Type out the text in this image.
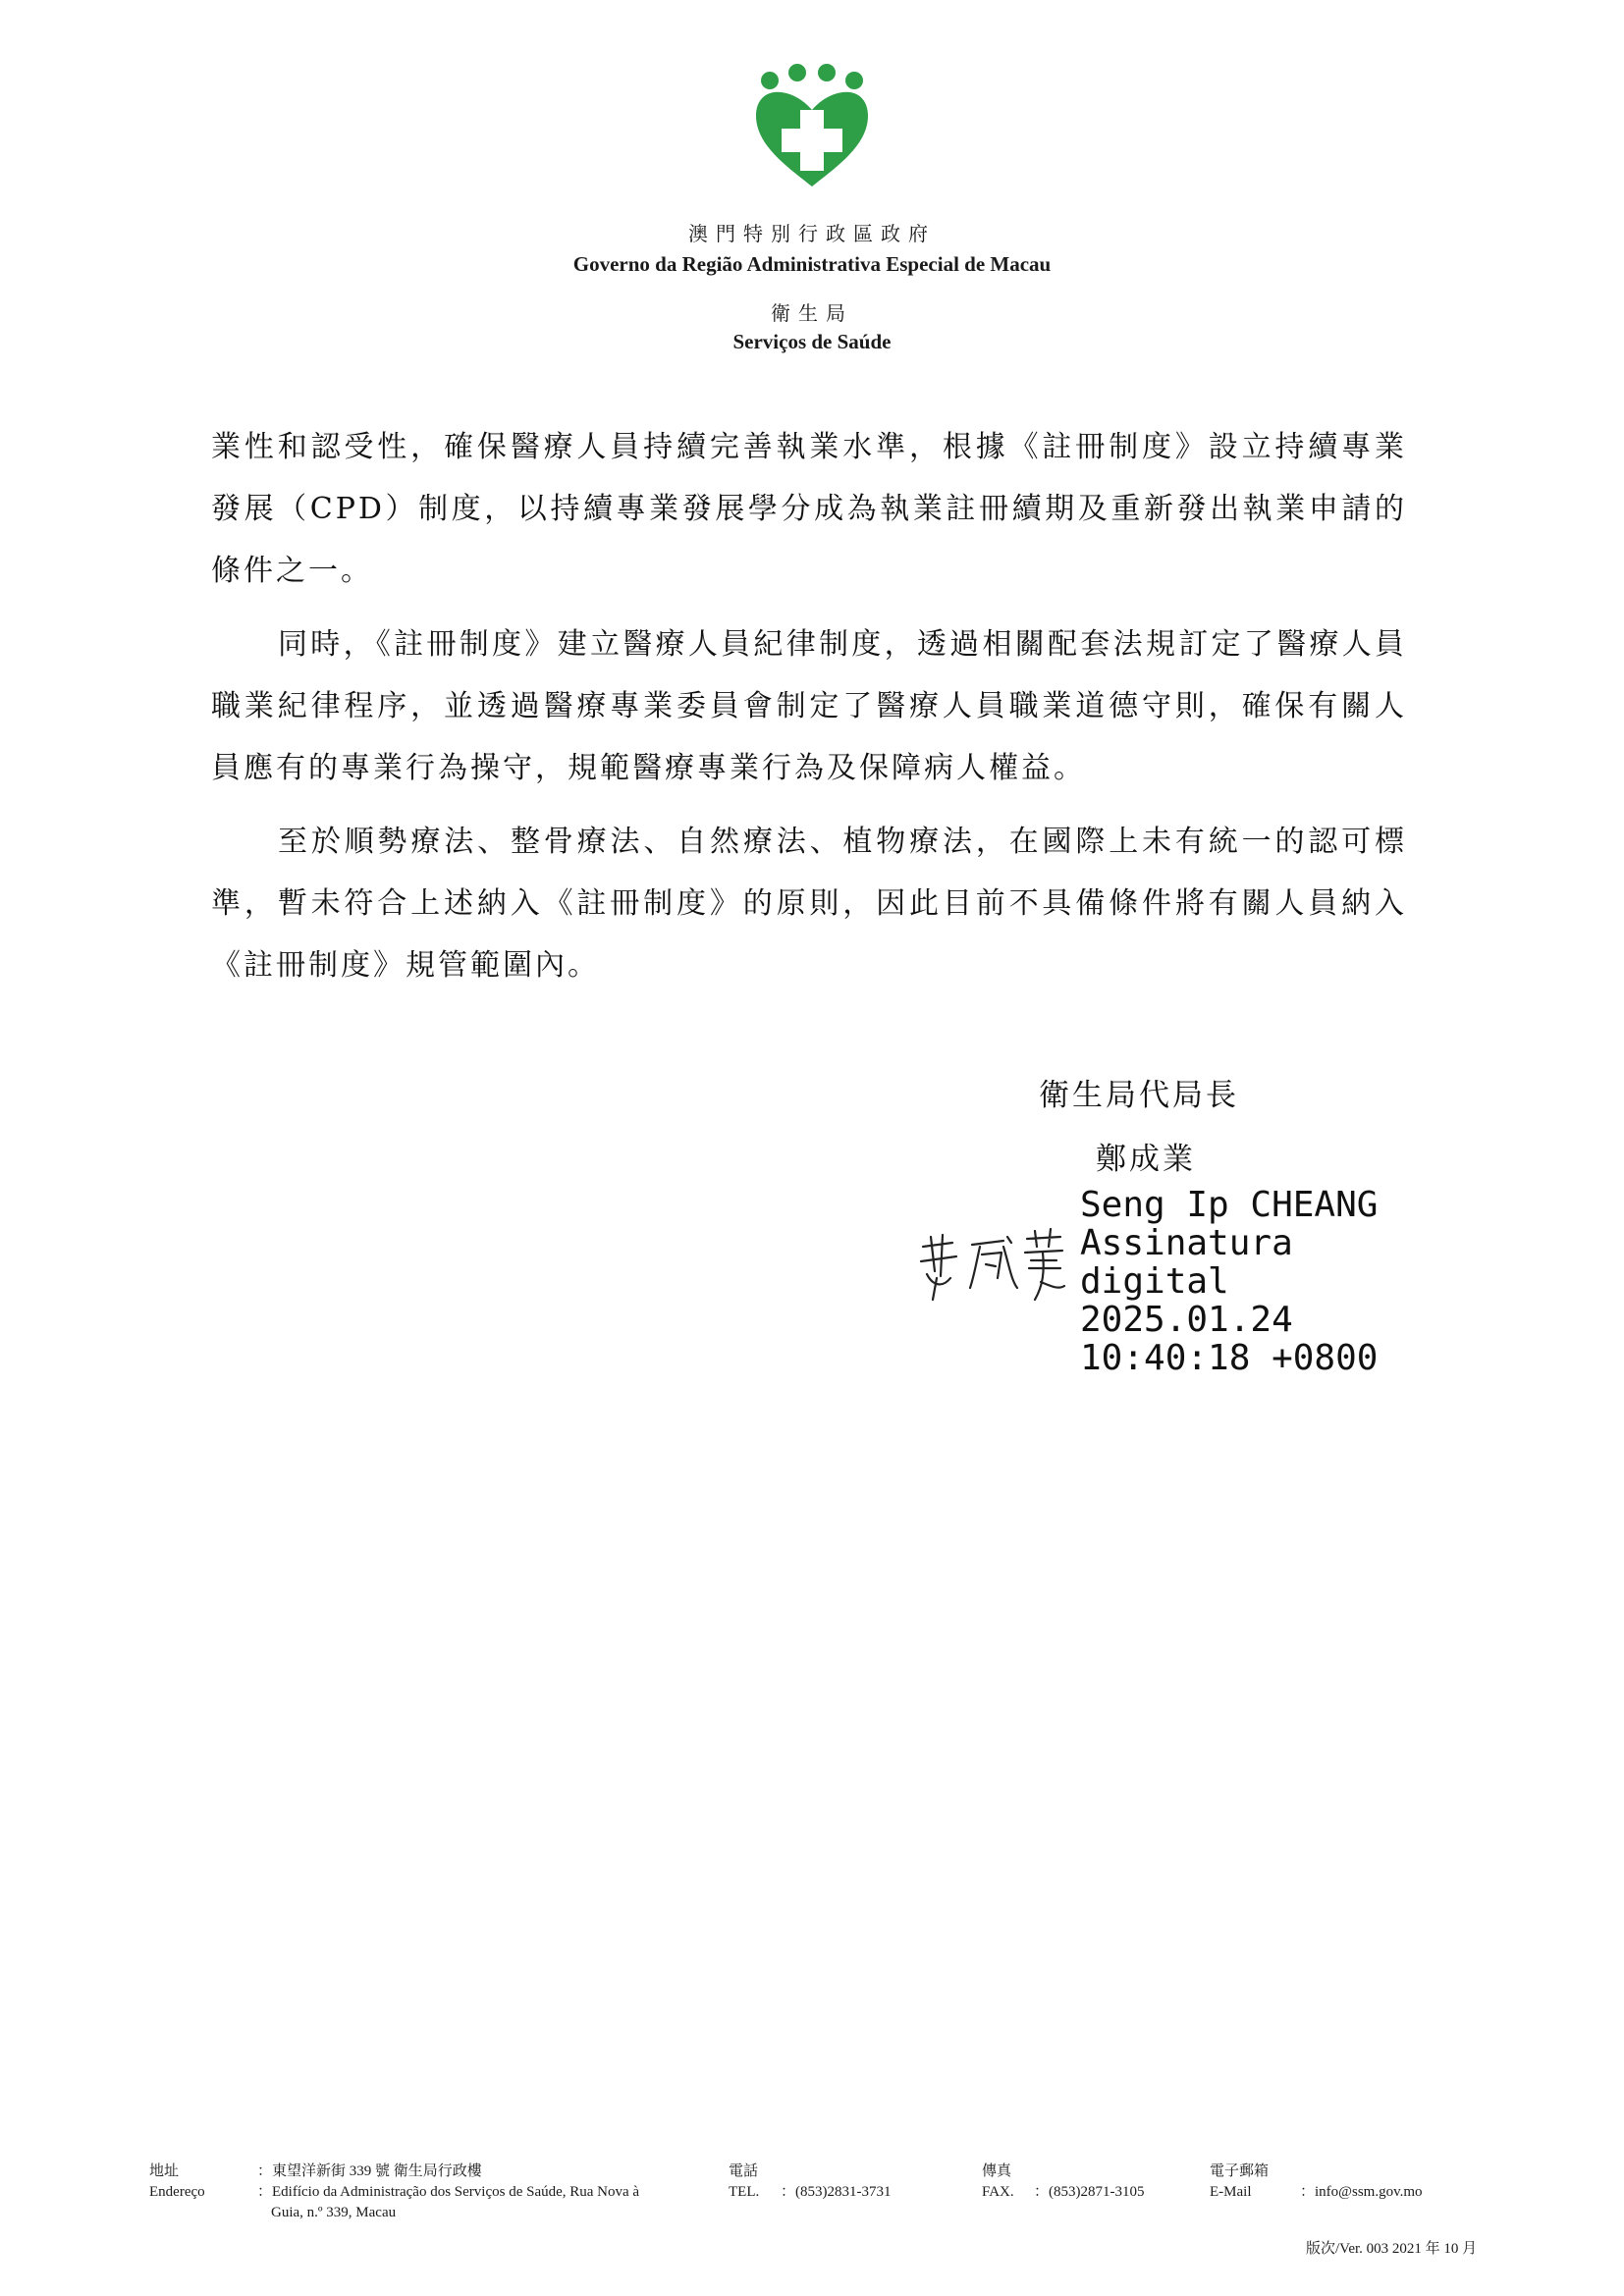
澳門特別行政區政府
Governo da Região Administrativa Especial de Macau
衛生局
Serviços de Saúde

業性和認受性，確保醫療人員持續完善執業水準，根據《註冊制度》設立持續專業發展（CPD）制度，以持續專業發展學分成為執業註冊續期及重新發出執業申請的條件之一。

同時，《註冊制度》建立醫療人員紀律制度，透過相關配套法規訂定了醫療人員職業紀律程序，並透過醫療專業委員會制定了醫療人員職業道德守則，確保有關人員應有的專業行為操守，規範醫療專業行為及保障病人權益。

至於順勢療法、整骨療法、自然療法、植物療法，在國際上未有統一的認可標準，暫未符合上述納入《註冊制度》的原則，因此目前不具備條件將有關人員納入《註冊制度》規管範圍內。

衛生局代局長
鄭成業
Seng Ip CHEANG
Assinatura
digital
2025.01.24
10:40:18 +0800
地址
Endereço
：東望洋新街 339 號 衛生局行政樓
：Edifício da Administração dos Serviços de Saúde, Rua Nova à
Guia, n.º 339, Macau
電話
TEL. ：(853)2831-3731
傳真
FAX. ：(853)2871-3105
電子郵箱
E-Mail	：info@ssm.gov.mo
版次/Ver. 003 2021 年 10 月
